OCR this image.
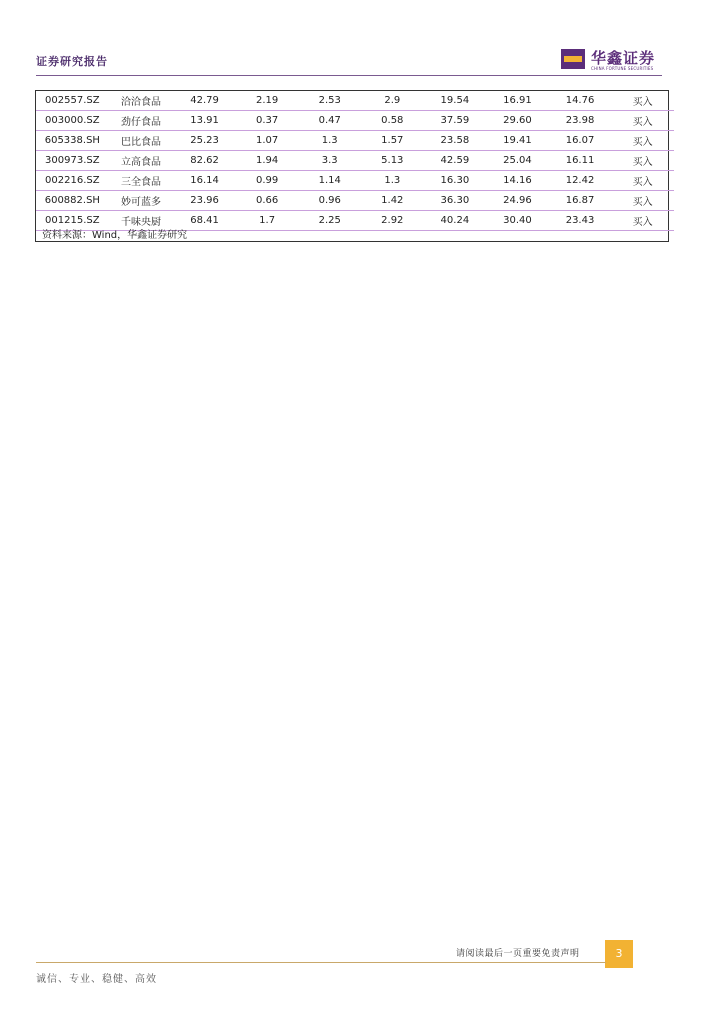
证券研究报告	华鑫证券
CHINA FORTUNE SECURITIES
002557.SZ	洽洽食品	42.79	2.19	2.53	2.9	19.54	16.91	14.76	买入
003000.SZ	劲仔食品	13.91	0.37	0.47	0.58	37.59	29.60	23.98	买入
605338.SH	巴比食品	25.23	1.07	1.3	1.57	23.58	19.41	16.07	买入
300973.SZ	立高食品	82.62	1.94	3.3	5.13	42.59	25.04	16.11	买入
002216.SZ	三全食品	16.14	0.99	1.14	1.3	16.30	14.16	12.42	买入
600882.SH	妙可蓝多	23.96	0.66	0.96	1.42	36.30	24.96	16.87	买入
001215.SZ	千味央厨	68.41	1.7	2.25	2.92	40.24	30.40	23.43	买入
资料来源：Wind，华鑫证券研究
请阅读最后一页重要免责声明	3
诚信、专业、稳健、高效
